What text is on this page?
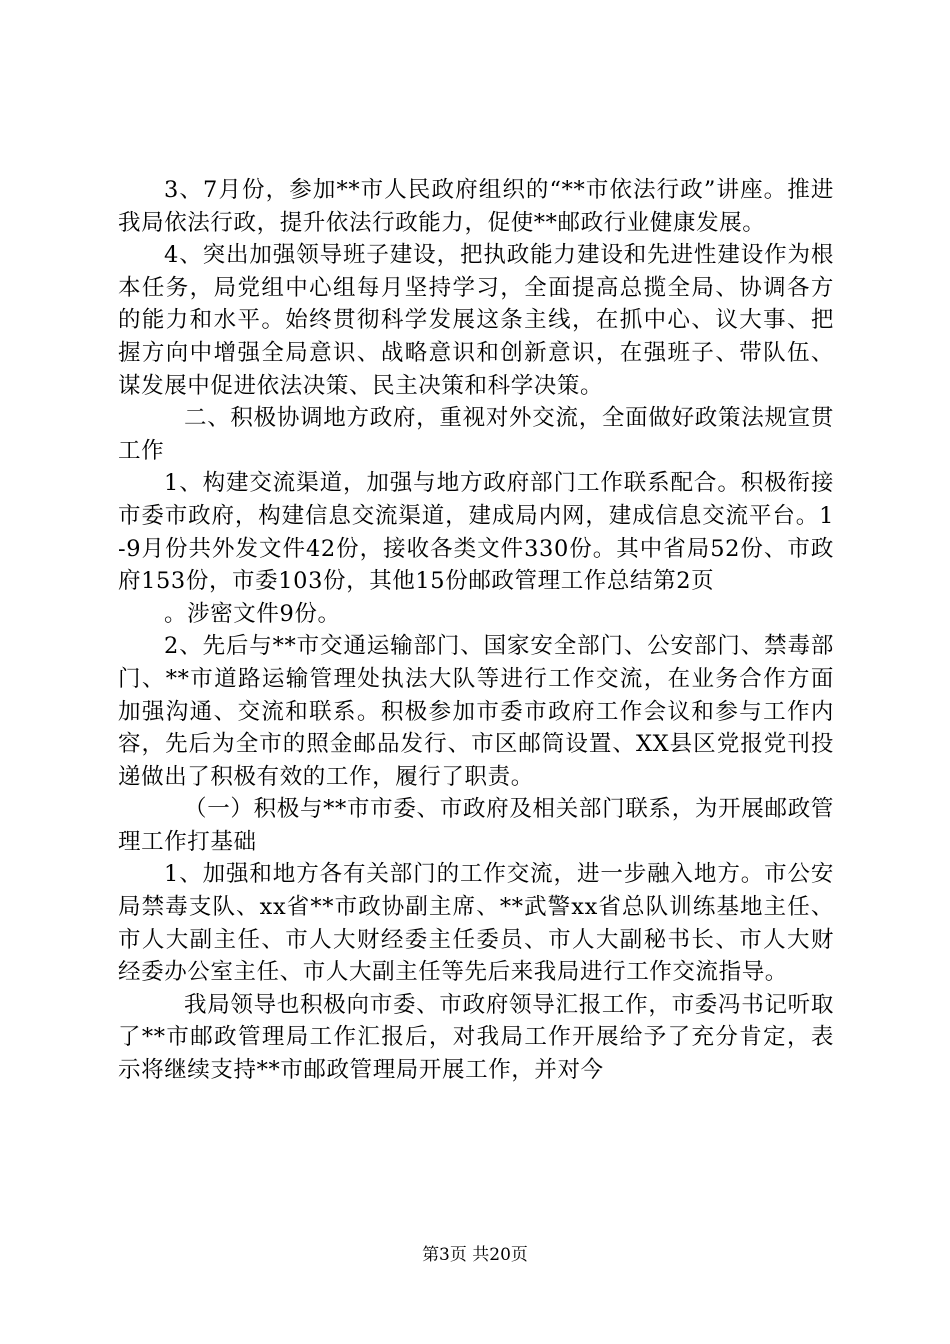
3、7月份，参加**市人民政府组织的“**市依法行政”讲座。推进我局依法行政，提升依法行政能力，促使**邮政行业健康发展。

4、突出加强领导班子建设，把执政能力建设和先进性建设作为根本任务，局党组中心组每月坚持学习，全面提高总揽全局、协调各方的能力和水平。始终贯彻科学发展这条主线，在抓中心、议大事、把握方向中增强全局意识、战略意识和创新意识，在强班子、带队伍、谋发展中促进依法决策、民主决策和科学决策。

二、积极协调地方政府，重视对外交流，全面做好政策法规宣贯工作

1、构建交流渠道，加强与地方政府部门工作联系配合。积极衔接市委市政府，构建信息交流渠道，建成局内网，建成信息交流平台。1-9月份共外发文件42份，接收各类文件330份。其中省局52份、市政府153份，市委103份，其他15份邮政管理工作总结第2页

。涉密文件9份。

2、先后与**市交通运输部门、国家安全部门、公安部门、禁毒部门、**市道路运输管理处执法大队等进行工作交流，在业务合作方面加强沟通、交流和联系。积极参加市委市政府工作会议和参与工作内容，先后为全市的照金邮品发行、市区邮筒设置、XX县区党报党刊投递做出了积极有效的工作，履行了职责。

（一）积极与**市市委、市政府及相关部门联系，为开展邮政管理工作打基础

1、加强和地方各有关部门的工作交流，进一步融入地方。市公安局禁毒支队、xx省**市政协副主席、**武警xx省总队训练基地主任、市人大副主任、市人大财经委主任委员、市人大副秘书长、市人大财经委办公室主任、市人大副主任等先后来我局进行工作交流指导。

我局领导也积极向市委、市政府领导汇报工作，市委冯书记听取了**市邮政管理局工作汇报后，对我局工作开展给予了充分肯定，表示将继续支持**市邮政管理局开展工作，并对今

第3页 共20页
